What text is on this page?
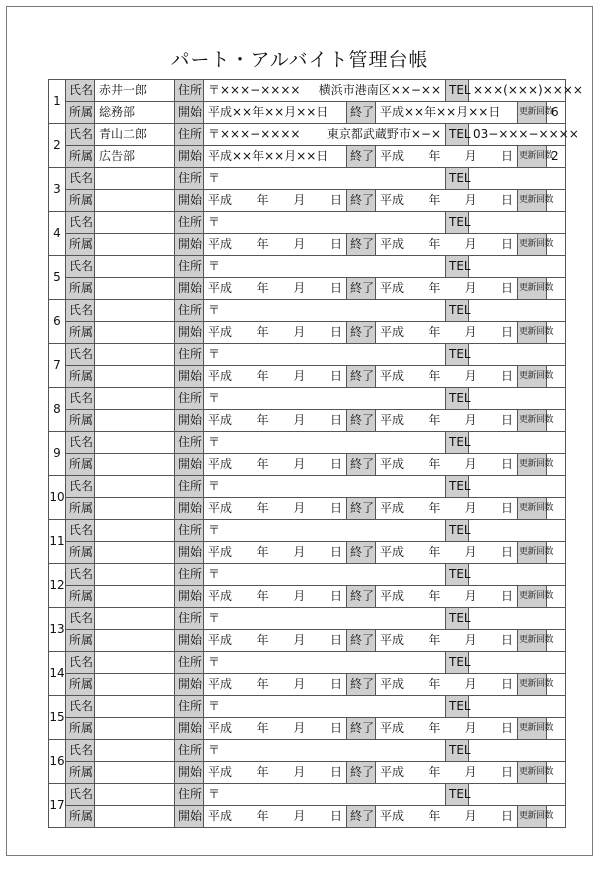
パート・アルバイト管理台帳
1	氏名	赤井一郎	住所	〒×××−×××× 横浜市港南区××−××			TEL	×××(×××)××××		
	所属	総務部	開始	平成××年××月××日	終了	平成××年××月××日			更新回数	6
2	氏名	青山二郎	住所	〒×××−×××× 東京都武蔵野市×−×			TEL	03−×××−××××		
	所属	広告部	開始	平成××年××月××日	終了	平成 年 月 日			更新回数	2
3	氏名		住所	〒			TEL			
	所属		開始	平成 年 月 日	終了	平成 年 月 日			更新回数	
4	氏名		住所	〒			TEL			
	所属		開始	平成 年 月 日	終了	平成 年 月 日			更新回数	
5	氏名		住所	〒			TEL			
	所属		開始	平成 年 月 日	終了	平成 年 月 日			更新回数	
6	氏名		住所	〒			TEL			
	所属		開始	平成 年 月 日	終了	平成 年 月 日			更新回数	
7	氏名		住所	〒			TEL			
	所属		開始	平成 年 月 日	終了	平成 年 月 日			更新回数	
8	氏名		住所	〒			TEL			
	所属		開始	平成 年 月 日	終了	平成 年 月 日			更新回数	
9	氏名		住所	〒			TEL			
	所属		開始	平成 年 月 日	終了	平成 年 月 日			更新回数	
10	氏名		住所	〒			TEL			
	所属		開始	平成 年 月 日	終了	平成 年 月 日			更新回数	
11	氏名		住所	〒			TEL			
	所属		開始	平成 年 月 日	終了	平成 年 月 日			更新回数	
12	氏名		住所	〒			TEL			
	所属		開始	平成 年 月 日	終了	平成 年 月 日			更新回数	
13	氏名		住所	〒			TEL			
	所属		開始	平成 年 月 日	終了	平成 年 月 日			更新回数	
14	氏名		住所	〒			TEL			
	所属		開始	平成 年 月 日	終了	平成 年 月 日			更新回数	
15	氏名		住所	〒			TEL			
	所属		開始	平成 年 月 日	終了	平成 年 月 日			更新回数	
16	氏名		住所	〒			TEL			
	所属		開始	平成 年 月 日	終了	平成 年 月 日			更新回数	
17	氏名		住所	〒			TEL			
	所属		開始	平成 年 月 日	終了	平成 年 月 日			更新回数	
